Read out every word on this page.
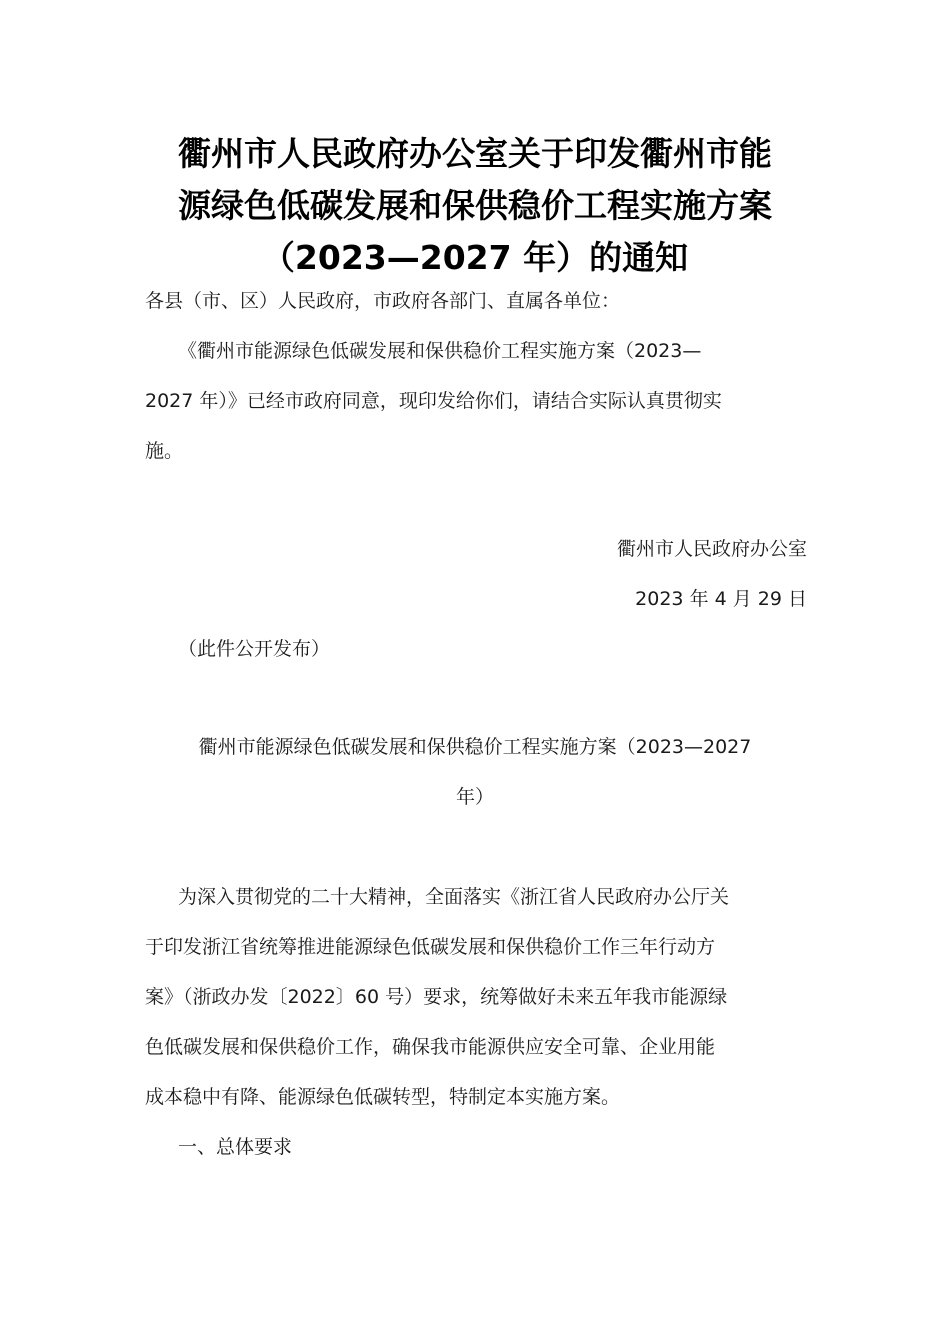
衢州市人民政府办公室关于印发衢州市能
源绿色低碳发展和保供稳价工程实施方案
（2023—2027 年）的通知

各县（市、区）人民政府，市政府各部门、直属各单位：

《衢州市能源绿色低碳发展和保供稳价工程实施方案（2023—
2027 年）》已经市政府同意，现印发给你们，请结合实际认真贯彻实
施。

衢州市人民政府办公室
2023 年 4 月 29 日

（此件公开发布）

衢州市能源绿色低碳发展和保供稳价工程实施方案（2023—2027
年）

为深入贯彻党的二十大精神，全面落实《浙江省人民政府办公厅关
于印发浙江省统筹推进能源绿色低碳发展和保供稳价工作三年行动方
案》（浙政办发〔2022〕60 号）要求，统筹做好未来五年我市能源绿
色低碳发展和保供稳价工作，确保我市能源供应安全可靠、企业用能
成本稳中有降、能源绿色低碳转型，特制定本实施方案。

一、总体要求
